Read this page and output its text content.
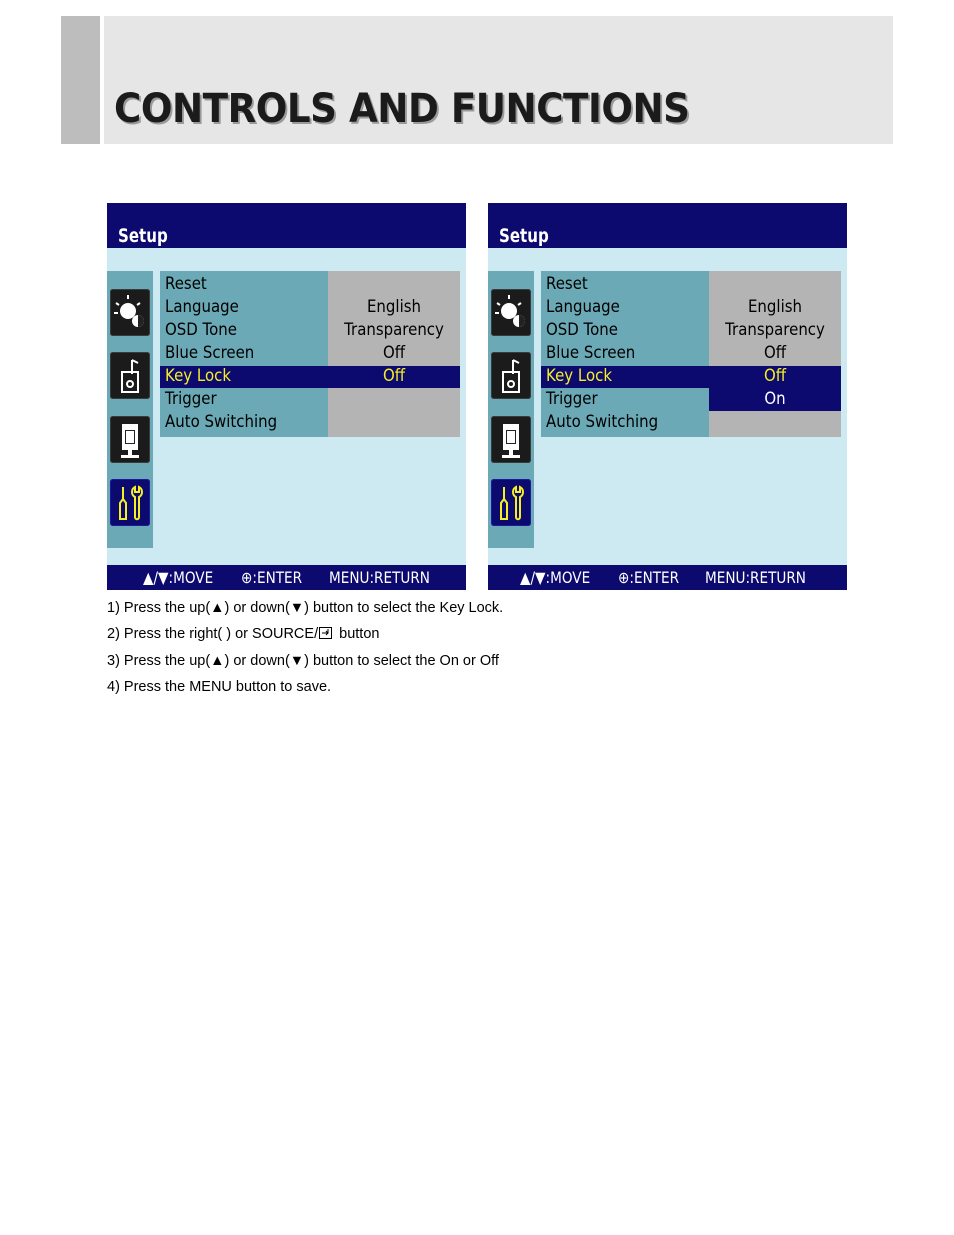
CONTROLS AND FUNCTIONS
Setup
Reset
Language
OSD Tone
Blue Screen
Key Lock
Trigger
Auto Switching
English
Transparency
Off
Off
▲/▼:MOVE ⊕:ENTER MENU:RETURN
Setup
Reset
Language
OSD Tone
Blue Screen
Key Lock
Trigger
Auto Switching
English
Transparency
Off
Off
On
▲/▼:MOVE ⊕:ENTER MENU:RETURN
1) Press the up(▲) or down(▼) button to select the Key Lock.
2) Press the right( ) or SOURCE/ button
3) Press the up(▲) or down(▼) button to select the On or Off
4) Press the MENU button to save.
